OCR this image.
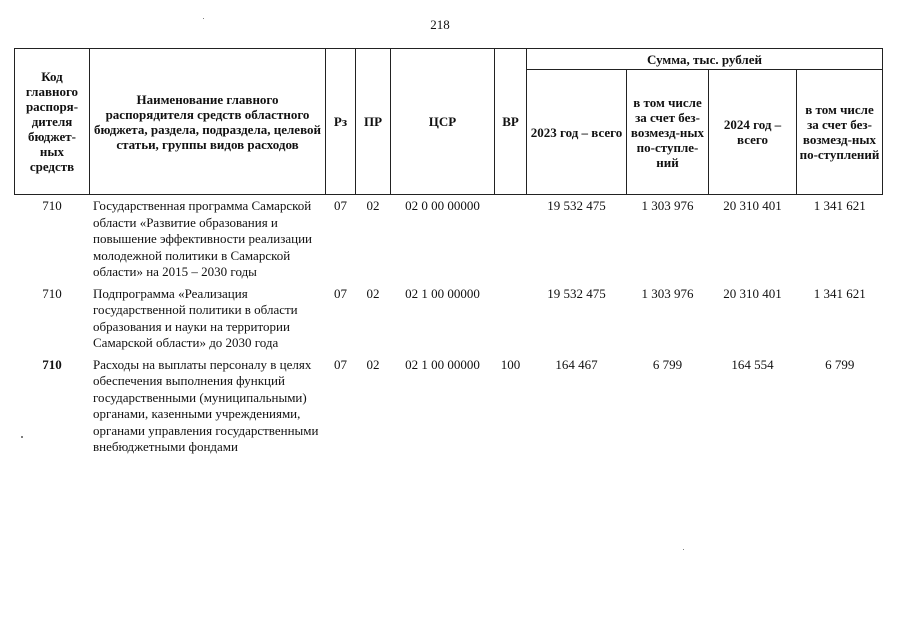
218
Код главного распоря-дителя бюджет-ных средств	Наименование главного распорядителя средств областного бюджета, раздела, подраздела, целевой статьи, группы видов расходов	Рз	ПР	ЦСР	ВР	Сумма, тыс. рублей			
						2023 год – всего	в том числе за счет без-возмезд-ных по-ступле-ний	2024 год – всего	в том числе за счет без-возмезд-ных по-ступлений
710	Государственная программа Самарской области «Развитие образования и повышение эффективности реализации молодежной политики в Самарской области» на 2015 – 2030 годы	07	02	02 0 00 00000		19 532 475	1 303 976	20 310 401	1 341 621
710	Подпрограмма «Реализация государственной политики в области образования и науки на территории Самарской области» до 2030 года	07	02	02 1 00 00000		19 532 475	1 303 976	20 310 401	1 341 621
710	Расходы на выплаты персоналу в целях обеспечения выполнения функций государственными (муниципальными) органами, казенными учреждениями, органами управления государственными внебюджетными фондами	07	02	02 1 00 00000	100	164 467	6 799	164 554	6 799
